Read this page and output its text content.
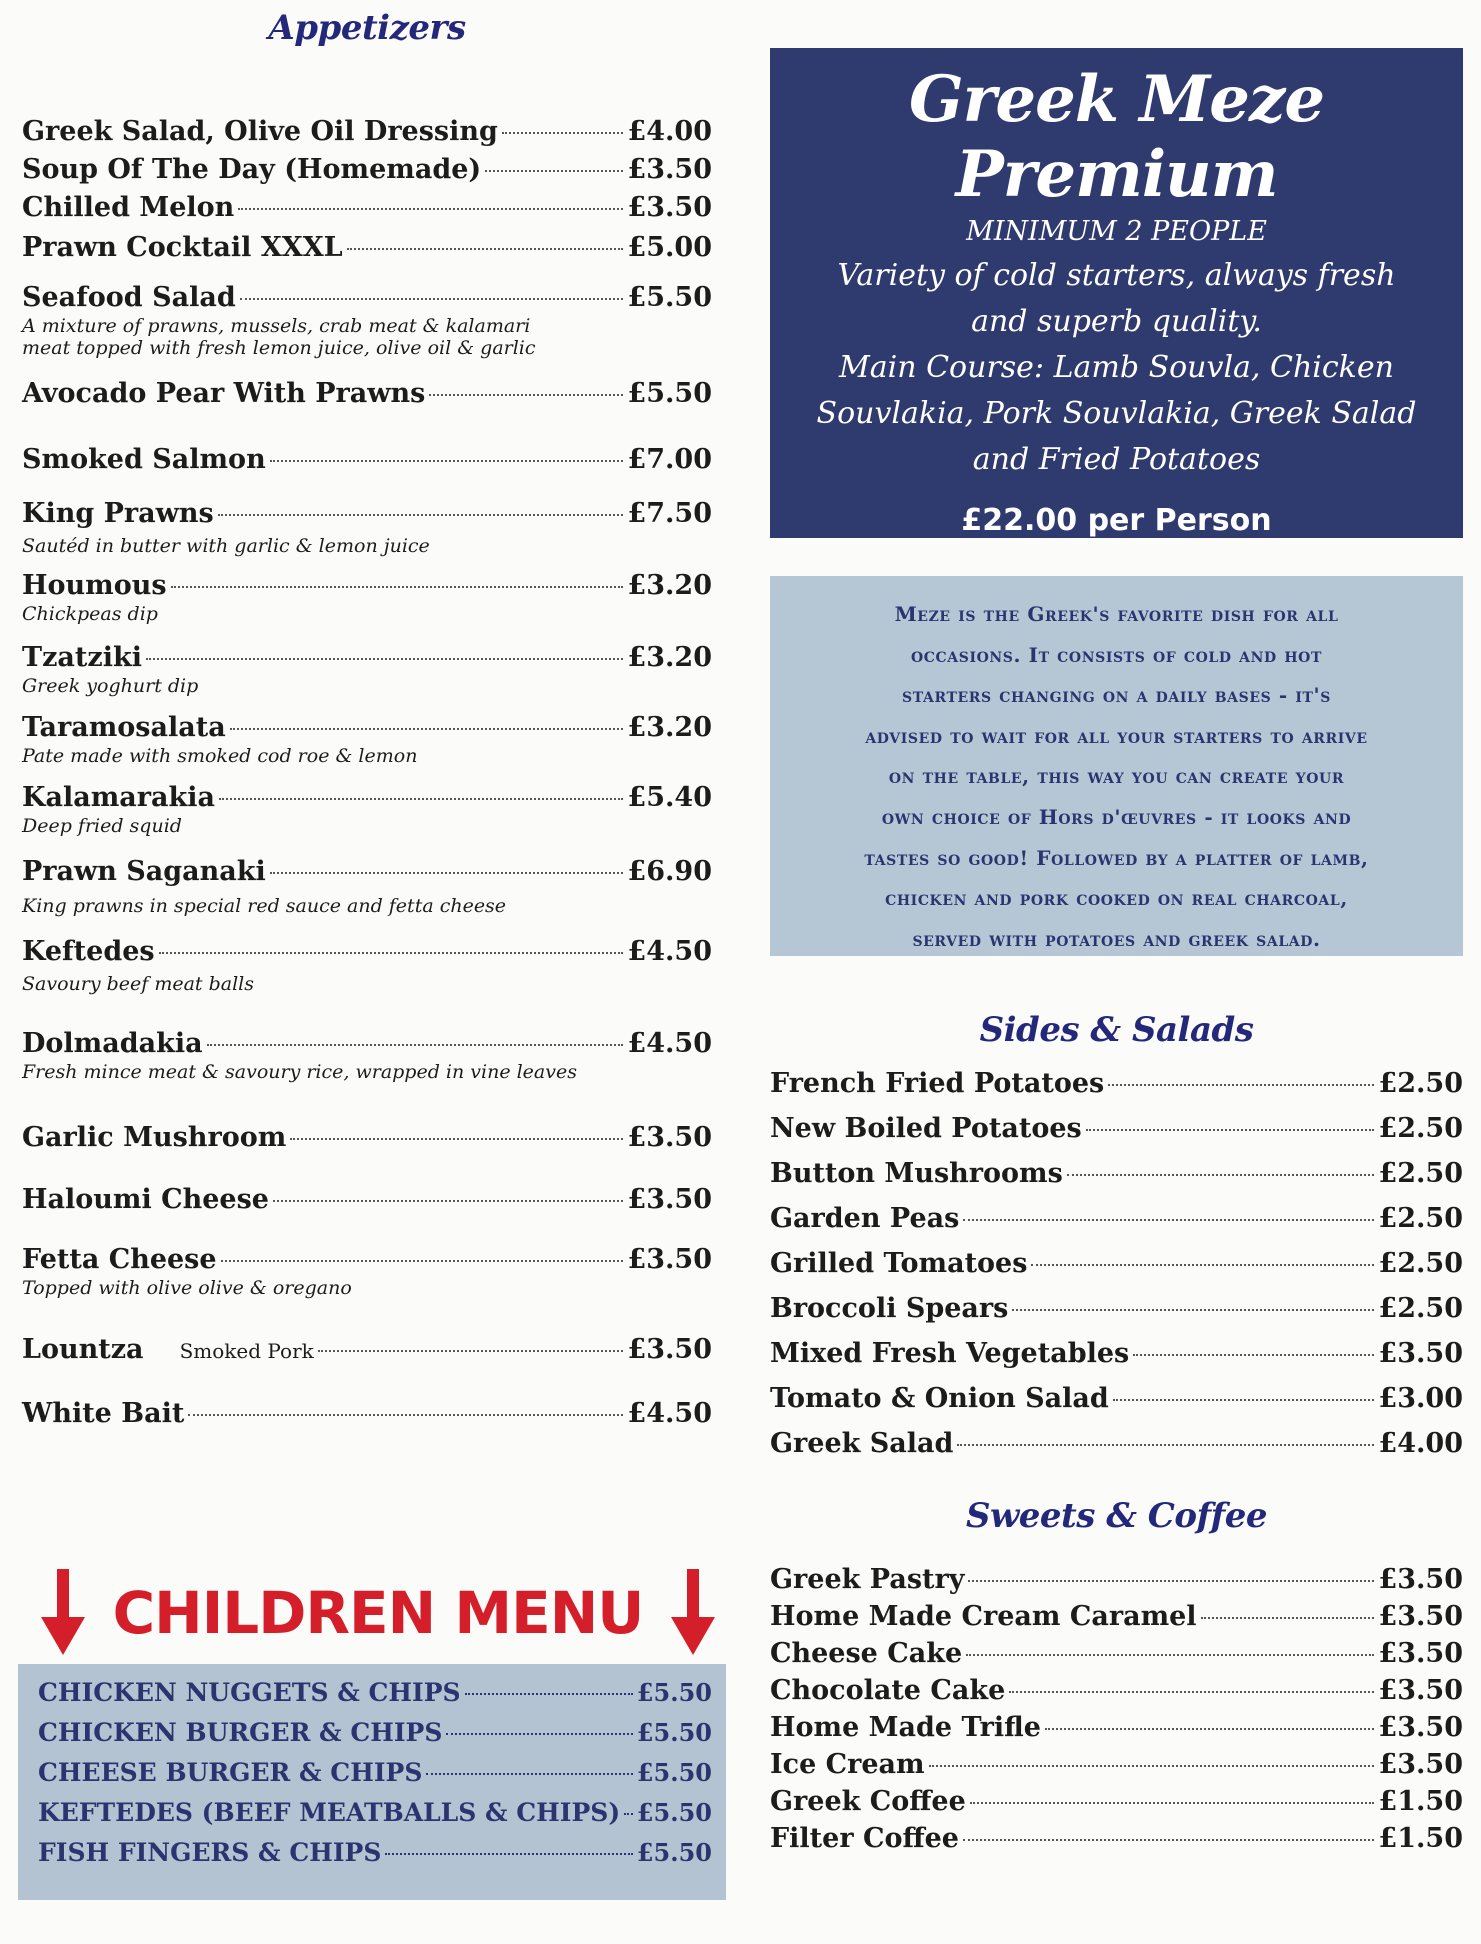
Appetizers
Greek Salad, Olive Oil Dressing	£4.00
Soup Of The Day (Homemade)	£3.50
Chilled Melon	£3.50
Prawn Cocktail XXXL	£5.00
Seafood Salad	£5.50
A mixture of prawns, mussels, crab meat & kalamari meat topped with fresh lemon juice, olive oil & garlic
Avocado Pear With Prawns	£5.50
Smoked Salmon	£7.00
King Prawns	£7.50
Sautéd in butter with garlic & lemon juice
Houmous	£3.20
Chickpeas dip
Tzatziki	£3.20
Greek yoghurt dip
Taramosalata	£3.20
Pate made with smoked cod roe & lemon
Kalamarakia	£5.40
Deep fried squid
Prawn Saganaki	£6.90
King prawns in special red sauce and fetta cheese
Keftedes	£4.50
Savoury beef meat balls
Dolmadakia	£4.50
Fresh mince meat & savoury rice, wrapped in vine leaves
Garlic Mushroom	£3.50
Haloumi Cheese	£3.50
Fetta Cheese	£3.50
Topped with olive olive & oregano
Lountza Smoked Pork	£3.50
White Bait	£4.50
CHILDREN MENU
CHICKEN NUGGETS & CHIPS	£5.50
CHICKEN BURGER & CHIPS	£5.50
CHEESE BURGER & CHIPS	£5.50
KEFTEDES (BEEF MEATBALLS & CHIPS) £5.50
FISH FINGERS & CHIPS	£5.50
Greek Meze Premium
MINIMUM 2 PEOPLE
Variety of cold starters, always fresh
and superb quality.
Main Course: Lamb Souvla, Chicken
Souvlakia, Pork Souvlakia, Greek Salad
and Fried Potatoes
£22.00 per Person
Meze is the Greek's favorite dish for all
occasions. It consists of cold and hot
starters changing on a daily bases - it's
advised to wait for all your starters to arrive
on the table, this way you can create your
own choice of Hors d'œuvres - it looks and
tastes so good! Followed by a platter of lamb,
chicken and pork cooked on real charcoal,
served with potatoes and greek salad.
Sides & Salads
French Fried Potatoes	£2.50
New Boiled Potatoes	£2.50
Button Mushrooms	£2.50
Garden Peas	£2.50
Grilled Tomatoes	£2.50
Broccoli Spears	£2.50
Mixed Fresh Vegetables	£3.50
Tomato & Onion Salad	£3.00
Greek Salad	£4.00
Sweets & Coffee
Greek Pastry	£3.50
Home Made Cream Caramel	£3.50
Cheese Cake	£3.50
Chocolate Cake	£3.50
Home Made Trifle	£3.50
Ice Cream	£3.50
Greek Coffee	£1.50
Filter Coffee	£1.50
